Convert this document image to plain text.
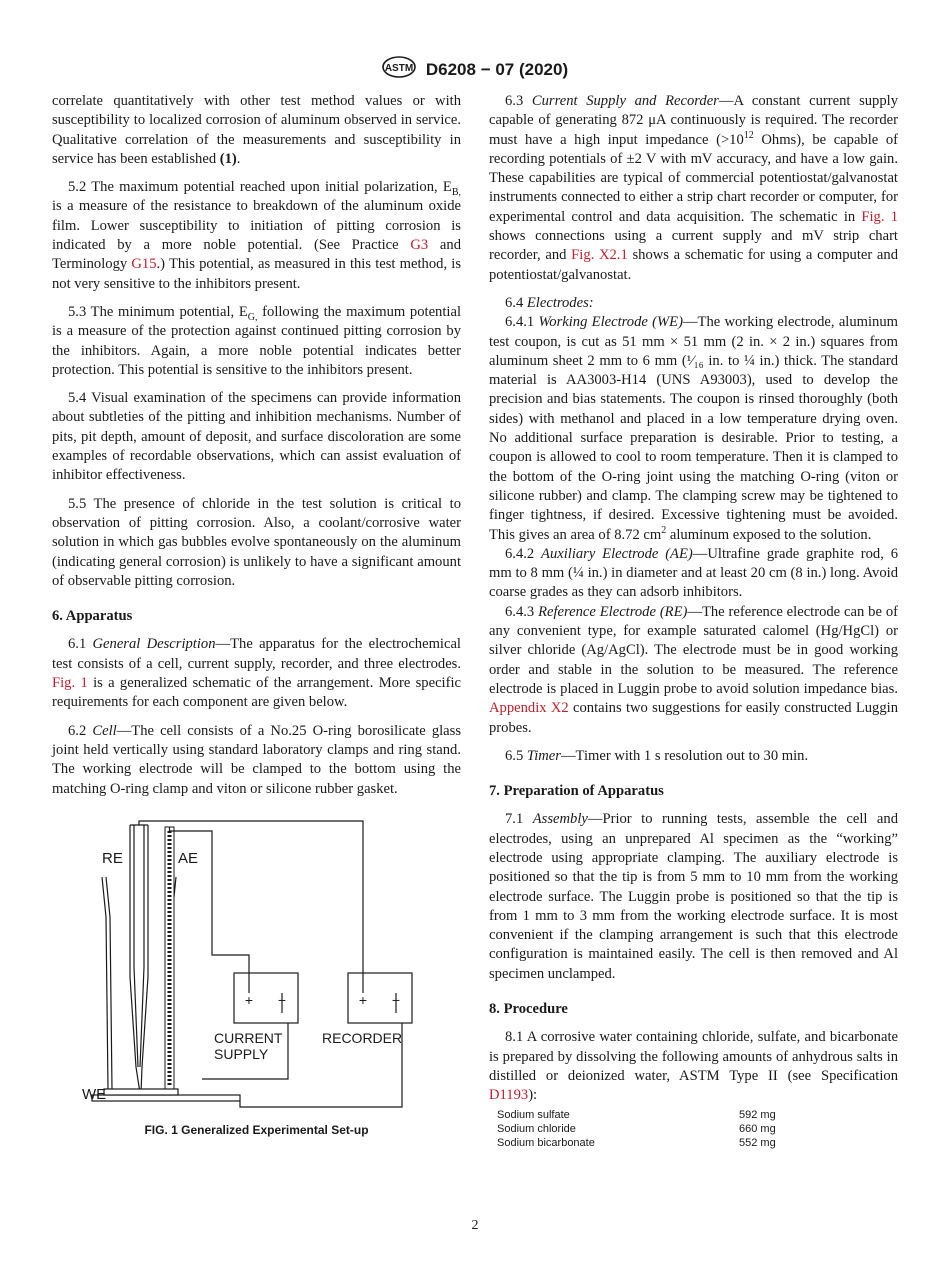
ASTM D6208 − 07 (2020)

correlate quantitatively with other test method values or with susceptibility to localized corrosion of aluminum observed in service. Qualitative correlation of the measurements and susceptibility in service has been established (1).

5.2 The maximum potential reached upon initial polarization, $E_{B,}$ is a measure of the resistance to breakdown of the aluminum oxide film. Lower susceptibility to initiation of pitting corrosion is indicated by a more noble potential. (See Practice G3 and Terminology G15.) This potential, as measured in this test method, is not very sensitive to the inhibitors present.

5.3 The minimum potential, $E_{G,}$ following the maximum potential is a measure of the protection against continued pitting corrosion by the inhibitors. Again, a more noble potential indicates better protection. This potential is sensitive to the inhibitors present.

5.4 Visual examination of the specimens can provide information about subtleties of the pitting and inhibition mechanisms. Number of pits, pit depth, amount of deposit, and surface discoloration are some examples of recordable observations, which can assist evaluation of inhibitor effectiveness.

5.5 The presence of chloride in the test solution is critical to observation of pitting corrosion. Also, a coolant/corrosive water solution in which gas bubbles evolve spontaneously on the aluminum (indicating general corrosion) is unlikely to have a significant amount of observable pitting corrosion.

6. Apparatus

6.1 General Description—The apparatus for the electrochemical test consists of a cell, current supply, recorder, and three electrodes. Fig. 1 is a generalized schematic of the arrangement. More specific requirements for each component are given below.

6.2 Cell—The cell consists of a No.25 O-ring borosilicate glass joint held vertically using standard laboratory clamps and ring stand. The working electrode will be clamped to the bottom using the matching O-ring clamp and viton or silicone rubber gasket.

RE	AE
WE
+ −
CURRENT
SUPPLY
+ −
RECORDER
FIG. 1 Generalized Experimental Set-up

6.3 Current Supply and Recorder—A constant current supply capable of generating 872 μA continuously is required. The recorder must have a high input impedance ($>10^{12}$ Ohms), be capable of recording potentials of ±2 V with mV accuracy, and have a low gain. These capabilities are typical of commercial potentiostat/galvanostat instruments connected to either a strip chart recorder or computer, for experimental control and data acquisition. The schematic in Fig. 1 shows connections using a current supply and mV strip chart recorder, and Fig. X2.1 shows a schematic for using a computer and potentiostat/galvanostat.

6.4 Electrodes:

6.4.1 Working Electrode (WE)—The working electrode, aluminum test coupon, is cut as 51 mm × 51 mm (2 in. × 2 in.) squares from aluminum sheet 2 mm to 6 mm (¹⁄₁₆ in. to ¼ in.) thick. The standard material is AA3003-H14 (UNS A93003), used to develop the precision and bias statements. The coupon is rinsed thoroughly (both sides) with methanol and placed in a low temperature drying oven. No additional surface preparation is desirable. Prior to testing, a coupon is allowed to cool to room temperature. Then it is clamped to the bottom of the O-ring joint using the matching O-ring (viton or silicone rubber) and clamp. The clamping screw may be tightened to finger tightness, if desired. Excessive tightening must be avoided. This gives an area of 8.72 $cm^2$ aluminum exposed to the solution.

6.4.2 Auxiliary Electrode (AE)—Ultrafine grade graphite rod, 6 mm to 8 mm (¼ in.) in diameter and at least 20 cm (8 in.) long. Avoid coarse grades as they can adsorb inhibitors.

6.4.3 Reference Electrode (RE)—The reference electrode can be of any convenient type, for example saturated calomel (Hg/HgCl) or silver chloride (Ag/AgCl). The electrode must be in good working order and stable in the solution to be measured. The reference electrode is placed in Luggin probe to avoid solution impedance bias. Appendix X2 contains two suggestions for easily constructed Luggin probes.

6.5 Timer—Timer with 1 s resolution out to 30 min.

7. Preparation of Apparatus

7.1 Assembly—Prior to running tests, assemble the cell and electrodes, using an unprepared Al specimen as the “working” electrode using appropriate clamping. The auxiliary electrode is positioned so that the tip is from 5 mm to 10 mm from the working electrode surface. The Luggin probe is positioned so that the tip is from 1 mm to 3 mm from the working electrode surface. It is most convenient if the clamping arrangement is such that this electrode configuration is maintained easily. The cell is then removed and Al specimen unclamped.

8. Procedure

8.1 A corrosive water containing chloride, sulfate, and bicarbonate is prepared by dissolving the following amounts of anhydrous salts in distilled or deionized water, ASTM Type II (see Specification D1193):

Sodium sulfate	592 mg
Sodium chloride	660 mg
Sodium bicarbonate	552 mg
2
